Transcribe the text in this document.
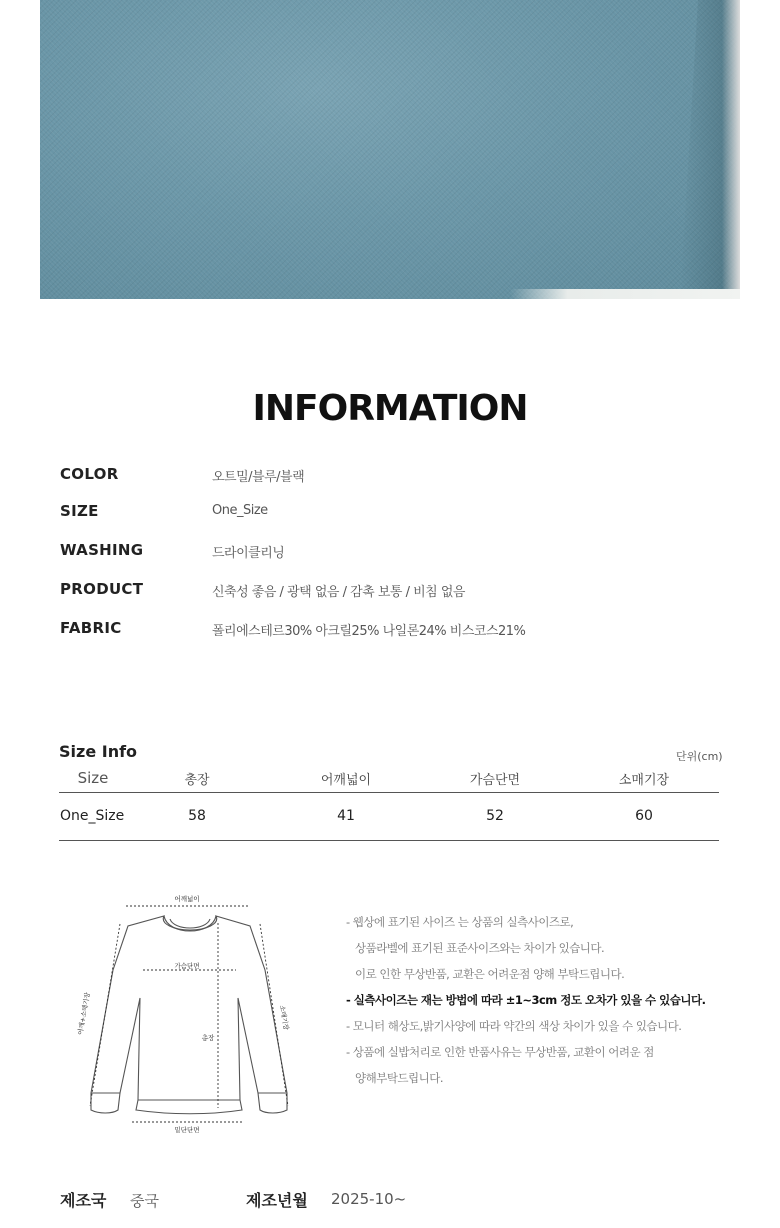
INFORMATION
COLOR	오트밀/블루/블랙
SIZE	One_Size
WASHING	드라이클리닝
PRODUCT	신축성 좋음 / 광택 없음 / 감촉 보통 / 비침 없음
FABRIC	폴리에스테르30% 아크릴25% 나일론24% 비스코스21%
Size Info	단위(cm)
Size	총장	어깨넓이	가슴단면	소매기장
One_Size	58	41	52	60
어깨넓이
가슴단면
총장
밑단단면
소매기장
어깨+소매기장
- 웹상에 표기된 사이즈 는 상품의 실측사이즈로,
상품라벨에 표기된 표준사이즈와는 차이가 있습니다.
이로 인한 무상반품, 교환은 어려운점 양해 부탁드립니다.
- 실측사이즈는 재는 방법에 따라 ±1~3cm 정도 오차가 있을 수 있습니다.
- 모니터 해상도,밝기사양에 따라 약간의 색상 차이가 있을 수 있습니다.
- 상품에 실밥처리로 인한 반품사유는 무상반품, 교환이 어려운 점
양해부탁드립니다.
제조국 중국	제조년월 2025-10~
